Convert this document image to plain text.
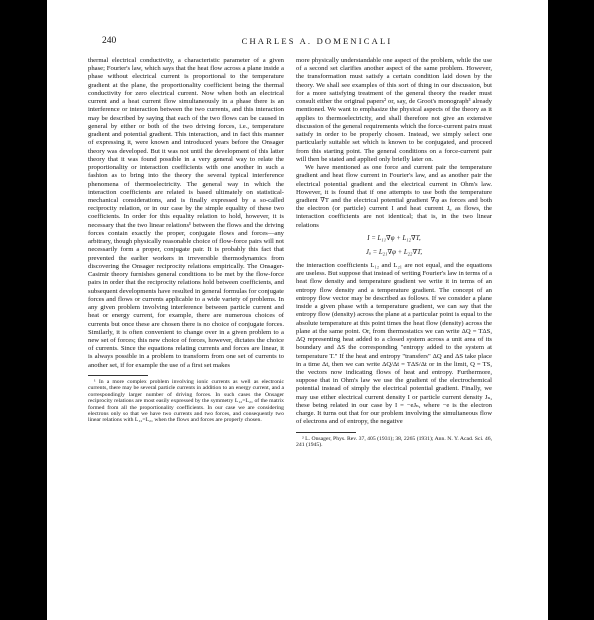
240	CHARLES A. DOMENICALI

thermal electrical conductivity, a characteristic parameter of a given phase; Fourier's law, which says that the heat flow across a plane inside a phase without electrical current is proportional to the temperature gradient at the plane, the proportionality coefficient being the thermal conductivity for zero electrical current. Now when both an electrical current and a heat current flow simultaneously in a phase there is an interference or interaction between the two currents, and this interaction may be described by saying that each of the two flows can be caused in general by either or both of the two driving forces, i.e., temperature gradient and potential gradient. This interaction, and in fact this manner of expressing it, were known and introduced years before the Onsager theory was developed. But it was not until the development of this latter theory that it was found possible in a very general way to relate the proportionality or interaction coefficients with one another in such a fashion as to bring into the theory the several typical interference phenomena of thermoelectricity. The general way in which the interaction coefficients are related is based ultimately on statistical-mechanical considerations, and is finally expressed by a so-called reciprocity relation, or in our case by the simple equality of these two coefficients. In order for this equality relation to hold, however, it is necessary that the two linear relations¹ between the flows and the driving forces contain exactly the proper, conjugate flows and forces—any arbitrary, though physically reasonable choice of flow-force pairs will not necessarily form a proper, conjugate pair. It is probably this fact that prevented the earlier workers in irreversible thermodynamics from discovering the Onsager reciprocity relations empirically. The Onsager-Casimir theory furnishes general conditions to be met by the flow-force pairs in order that the reciprocity relations hold between coefficients, and subsequent developments have resulted in general formulas for conjugate forces and flows or currents applicable to a wide variety of problems. In any given problem involving interference between particle current and heat or energy current, for example, there are numerous choices of currents but once these are chosen there is no choice of conjugate forces. Similarly, it is often convenient to change over in a given problem to a new set of forces; this new choice of forces, however, dictates the choice of currents. Since the equations relating currents and forces are linear, it is always possible in a problem to transform from one set of currents to another set, if for example the use of a first set makes

¹ In a more complex problem involving ionic currents as well as electronic currents, there may be several particle currents in addition to an energy current, and a correspondingly larger number of driving forces. In such cases the Onsager reciprocity relations are most easily expressed by the symmetry L₁₂=L₂₁ of the matrix formed from all the proportionality coefficients. In our case we are considering electrons only so that we have two currents and two forces, and consequently two linear relations with L₁₂=L₂₁ when the flows and forces are properly chosen.

more physically understandable one aspect of the problem, while the use of a second set clarifies another aspect of the same problem. However, the transformation must satisfy a certain condition laid down by the theory. We shall see examples of this sort of thing in our discussion, but for a more satisfying treatment of the general theory the reader must consult either the original papers² or, say, de Groot's monograph³ already mentioned. We want to emphasize the physical aspects of the theory as it applies to thermoelectricity, and shall therefore not give an extensive discussion of the general requirements which the force-current pairs must satisfy in order to be properly chosen. Instead, we simply select one particularly suitable set which is known to be conjugated, and proceed from this starting point. The general conditions on a force-current pair will then be stated and applied only briefly later on.

We have mentioned as one force and current pair the temperature gradient and heat flow current in Fourier's law, and as another pair the electrical potential gradient and the electrical current in Ohm's law. However, it is found that if one attempts to use both the temperature gradient ∇T and the electrical potential gradient ∇φ as forces and both the electron (or particle) current I and heat current Jᵤ as flows, the interaction coefficients are not identical; that is, in the two linear relations

I = L₁₁∇φ + L₁₂∇T,
Jᵤ = L₂₁∇φ + L₂₂∇T,

the interaction coefficients L₁₂ and L₂₁ are not equal, and the equations are useless. But suppose that instead of writing Fourier's law in terms of a heat flow density and temperature gradient we write it in terms of an entropy flow density and a temperature gradient. The concept of an entropy flow vector may be described as follows. If we consider a plane inside a given phase with a temperature gradient, we can say that the entropy flow (density) across the plane at a particular point is equal to the absolute temperature at this point times the heat flow (density) across the plane at the same point. Or, from thermostatics we can write ΔQ = TΔS, ΔQ representing heat added to a closed system across a unit area of its boundary and ΔS the corresponding "entropy added to the system at temperature T." If the heat and entropy "transfers" ΔQ and ΔS take place in a time Δt, then we can write ΔQ/Δt = TΔS/Δt or in the limit, Q = TS, the vectors now indicating flows of heat and entropy. Furthermore, suppose that in Ohm's law we use the gradient of the electrochemical potential instead of simply the electrical potential gradient. Finally, we may use either electrical current density I or particle current density Jₙ, these being related in our case by I = −eJₙ, where −e is the electron charge. It turns out that for our problem involving the simultaneous flow of electrons and of entropy, the negative

² L. Onsager, Phys. Rev. 37, 405 (1931); 38, 2265 (1931); Ann. N. Y. Acad. Sci. 46, 241 (1945).
